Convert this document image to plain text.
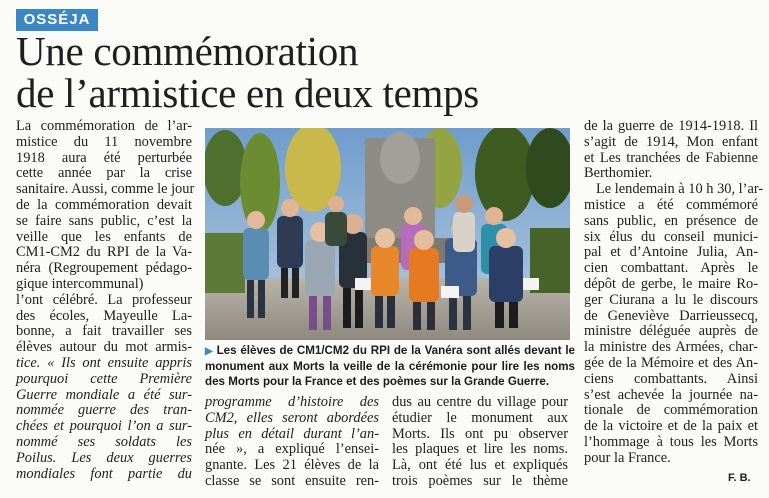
OSSÉJA
Une commémoration
de l’armistice en deux temps
La commémoration de l’ar-
mistice du 11 novembre
1918 aura été perturbée
cette année par la crise
sanitaire. Aussi, comme le jour
de la commémoration devait
se faire sans public, c’est la
veille que les enfants de
CM1-CM2 du RPI de la Va-
néra (Regroupement pédago-
gique intercommunal)
l’ont célébré. La professeur
des écoles, Mayeulle La-
bonne, a fait travailler ses
élèves autour du mot armis-
tice. « Ils ont ensuite appris
pourquoi cette Première
Guerre mondiale a été sur-
nommée guerre des tran-
chées et pourquoi l’on a sur-
nommé ses soldats les
Poilus. Les deux guerres
mondiales font partie du
▶ Les élèves de CM1/CM2 du RPI de la Vanéra sont allés devant le
monument aux Morts la veille de la cérémonie pour lire les noms
des Morts pour la France et des poèmes sur la Grande Guerre.
programme d’histoire des
CM2, elles seront abordées
plus en détail durant l’an-
née », a expliqué l’ensei-
gnante. Les 21 élèves de la
classe se sont ensuite ren-
dus au centre du village pour
étudier le monument aux
Morts. Ils ont pu observer
les plaques et lire les noms.
Là, ont été lus et expliqués
trois poèmes sur le thème
de la guerre de 1914-1918. Il
s’agit de 1914, Mon enfant
et Les tranchées de Fabienne
Berthomier.
Le lendemain à 10 h 30, l’ar-
mistice a été commémoré
sans public, en présence de
six élus du conseil munici-
pal et d’Antoine Julia, An-
cien combattant. Après le
dépôt de gerbe, le maire Ro-
ger Ciurana a lu le discours
de Geneviève Darrieussecq,
ministre déléguée auprès de
la ministre des Armées, char-
gée de la Mémoire et des An-
ciens combattants. Ainsi
s’est achevée la journée na-
tionale de commémoration
de la victoire et de la paix et
l’hommage à tous les Morts
pour la France.
F. B.
